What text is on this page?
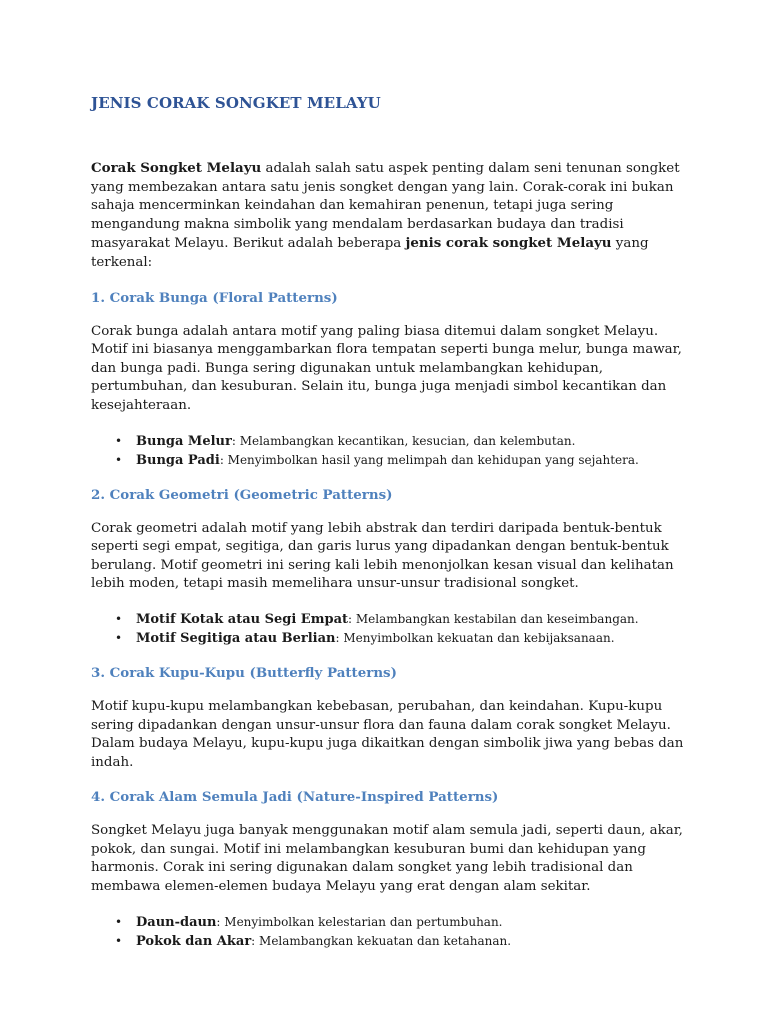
JENIS CORAK SONGKET MELAYU

Corak Songket Melayu adalah salah satu aspek penting dalam seni tenunan songket yang membezakan antara satu jenis songket dengan yang lain. Corak-corak ini bukan sahaja mencerminkan keindahan dan kemahiran penenun, tetapi juga sering mengandung makna simbolik yang mendalam berdasarkan budaya dan tradisi masyarakat Melayu. Berikut adalah beberapa jenis corak songket Melayu yang terkenal:

1. Corak Bunga (Floral Patterns)

Corak bunga adalah antara motif yang paling biasa ditemui dalam songket Melayu. Motif ini biasanya menggambarkan flora tempatan seperti bunga melur, bunga mawar, dan bunga padi. Bunga sering digunakan untuk melambangkan kehidupan, pertumbuhan, dan kesuburan. Selain itu, bunga juga menjadi simbol kecantikan dan kesejahteraan.

• Bunga Melur: Melambangkan kecantikan, kesucian, dan kelembutan.
• Bunga Padi: Menyimbolkan hasil yang melimpah dan kehidupan yang sejahtera.
2. Corak Geometri (Geometric Patterns)

Corak geometri adalah motif yang lebih abstrak dan terdiri daripada bentuk-bentuk seperti segi empat, segitiga, dan garis lurus yang dipadankan dengan bentuk-bentuk berulang. Motif geometri ini sering kali lebih menonjolkan kesan visual dan kelihatan lebih moden, tetapi masih memelihara unsur-unsur tradisional songket.

• Motif Kotak atau Segi Empat: Melambangkan kestabilan dan keseimbangan.
• Motif Segitiga atau Berlian: Menyimbolkan kekuatan dan kebijaksanaan.
3. Corak Kupu-Kupu (Butterfly Patterns)

Motif kupu-kupu melambangkan kebebasan, perubahan, dan keindahan. Kupu-kupu sering dipadankan dengan unsur-unsur flora dan fauna dalam corak songket Melayu. Dalam budaya Melayu, kupu-kupu juga dikaitkan dengan simbolik jiwa yang bebas dan indah.

4. Corak Alam Semula Jadi (Nature-Inspired Patterns)

Songket Melayu juga banyak menggunakan motif alam semula jadi, seperti daun, akar, pokok, dan sungai. Motif ini melambangkan kesuburan bumi dan kehidupan yang harmonis. Corak ini sering digunakan dalam songket yang lebih tradisional dan membawa elemen-elemen budaya Melayu yang erat dengan alam sekitar.

• Daun-daun: Menyimbolkan kelestarian dan pertumbuhan.
• Pokok dan Akar: Melambangkan kekuatan dan ketahanan.
